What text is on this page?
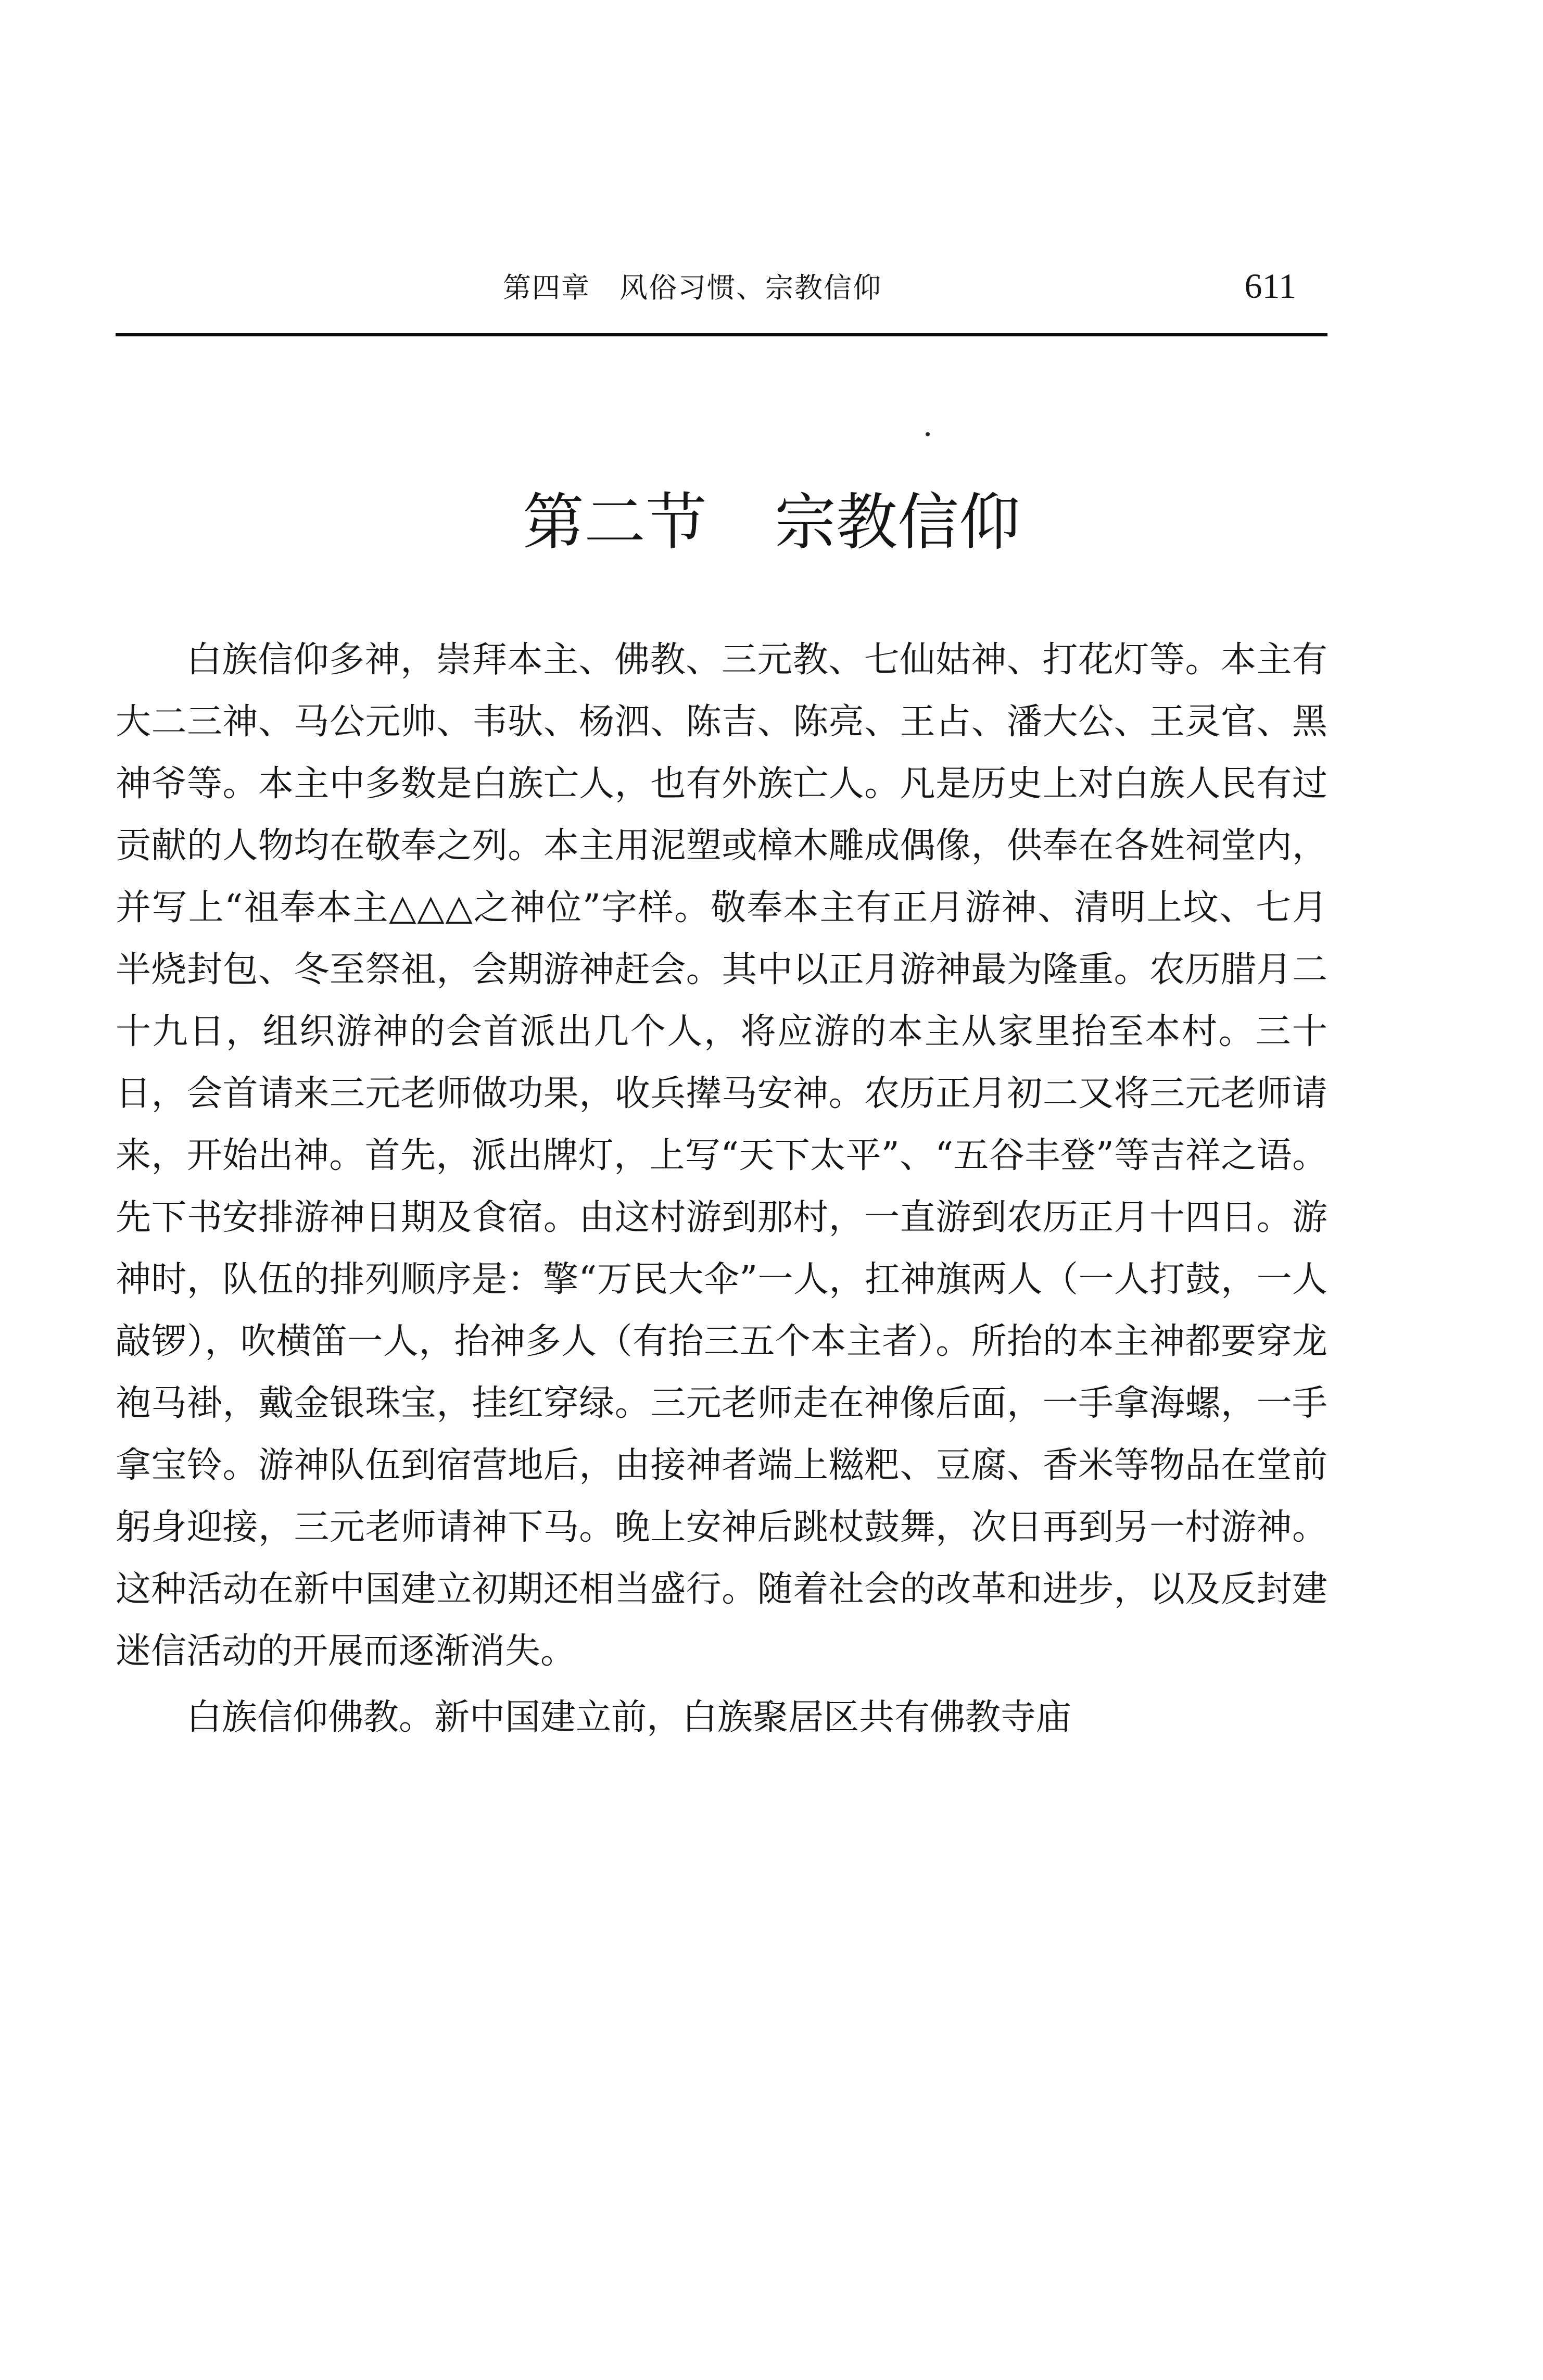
第四章　风俗习惯、宗教信仰	611
第二节 宗教信仰

白族信仰多神，崇拜本主、佛教、三元教、七仙姑神、打花灯等。本主有大二三神、马公元帅、韦驮、杨泗、陈吉、陈亮、王占、潘大公、王灵官、黑神爷等。本主中多数是白族亡人，也有外族亡人。凡是历史上对白族人民有过贡献的人物均在敬奉之列。本主用泥塑或樟木雕成偶像，供奉在各姓祠堂内，并写上“祖奉本主△△△之神位”字样。敬奉本主有正月游神、清明上坟、七月半烧封包、冬至祭祖，会期游神赶会。其中以正月游神最为隆重。农历腊月二十九日，组织游神的会首派出几个人，将应游的本主从家里抬至本村。三十日，会首请来三元老师做功果，收兵撵马安神。农历正月初二又将三元老师请来，开始出神。首先，派出牌灯，上写“天下太平”、“五谷丰登”等吉祥之语。先下书安排游神日期及食宿。由这村游到那村，一直游到农历正月十四日。游神时，队伍的排列顺序是：擎“万民大伞”一人，扛神旗两人（一人打鼓，一人敲锣），吹横笛一人，抬神多人（有抬三五个本主者）。所抬的本主神都要穿龙袍马褂，戴金银珠宝，挂红穿绿。三元老师走在神像后面，一手拿海螺，一手拿宝铃。游神队伍到宿营地后，由接神者端上糍粑、豆腐、香米等物品在堂前躬身迎接，三元老师请神下马。晚上安神后跳杖鼓舞，次日再到另一村游神。这种活动在新中国建立初期还相当盛行。随着社会的改革和进步，以及反封建迷信活动的开展而逐渐消失。

白族信仰佛教。新中国建立前，白族聚居区共有佛教寺庙
